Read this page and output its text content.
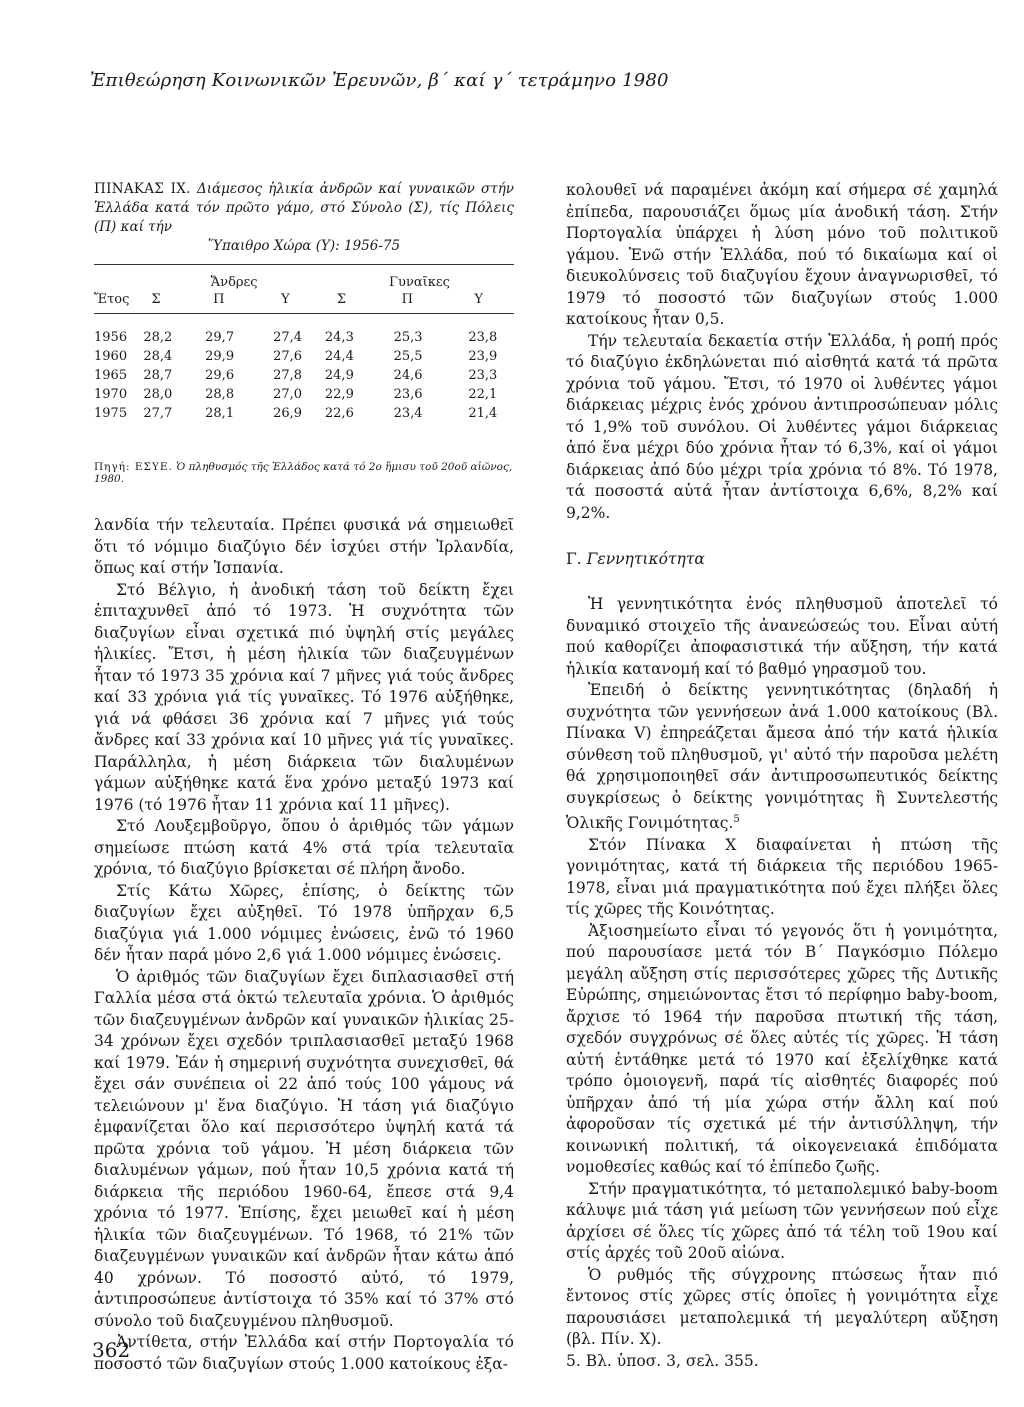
Ἐπιθεώρηση Κοινωνικῶν Ἐρευνῶν, β΄ καί γ΄ τετράμηνο 1980
ΠΙΝΑΚΑΣ ΙΧ. Διάμεσος ἡλικία ἀνδρῶν καί γυναικῶν στήν Ἑλλάδα κατά τόν πρῶτο γάμο, στό Σύνολο (Σ), τίς Πόλεις (Π) καί τήν
Ὕπαιθρο Χώρα (Υ): 1956-75
	Ἄνδρες			Γυναῖκες		
Ἔτος	Σ	Π	Υ	Σ	Π	Υ
1956	28,2	29,7	27,4	24,3	25,3	23,8
1960	28,4	29,9	27,6	24,4	25,5	23,9
1965	28,7	29,6	27,8	24,9	24,6	23,3
1970	28,0	28,8	27,0	22,9	23,6	22,1
1975	27,7	28,1	26,9	22,6	23,4	21,4
Πηγή: ΕΣΥΕ. Ὁ πληθυσμός τῆς Ἑλλάδος κατά τό 2ο ἥμισυ τοῦ 20οῦ αἰῶνος, 1980.

λανδία τήν τελευταία. Πρέπει φυσικά νά σημειωθεῖ ὅτι τό νόμιμο διαζύγιο δέν ἰσχύει στήν Ἰρλανδία, ὅπως καί στήν Ἱσπανία.

Στό Βέλγιο, ἡ ἀνοδική τάση τοῦ δείκτη ἔχει ἐπιταχυνθεῖ ἀπό τό 1973. Ἡ συχνότητα τῶν διαζυγίων εἶναι σχετικά πιό ὑψηλή στίς μεγάλες ἡλικίες. Ἔτσι, ἡ μέση ἡλικία τῶν διαζευγμένων ἦταν τό 1973 35 χρόνια καί 7 μῆνες γιά τούς ἄνδρες καί 33 χρόνια γιά τίς γυναῖκες. Τό 1976 αὐξήθηκε, γιά νά φθάσει 36 χρόνια καί 7 μῆνες γιά τούς ἄνδρες καί 33 χρόνια καί 10 μῆνες γιά τίς γυναῖκες. Παράλληλα, ἡ μέση διάρκεια τῶν διαλυμένων γάμων αὐξήθηκε κατά ἕνα χρόνο μεταξύ 1973 καί 1976 (τό 1976 ἦταν 11 χρόνια καί 11 μῆνες).

Στό Λουξεμβοῦργο, ὅπου ὁ ἀριθμός τῶν γάμων σημείωσε πτώση κατά 4% στά τρία τελευταῖα χρόνια, τό διαζύγιο βρίσκεται σέ πλήρη ἄνοδο.

Στίς Κάτω Χῶρες, ἐπίσης, ὁ δείκτης τῶν διαζυγίων ἔχει αὐξηθεῖ. Τό 1978 ὑπῆρχαν 6,5 διαζύγια γιά 1.000 νόμιμες ἑνώσεις, ἐνῶ τό 1960 δέν ἦταν παρά μόνο 2,6 γιά 1.000 νόμιμες ἑνώσεις.

Ὁ ἀριθμός τῶν διαζυγίων ἔχει διπλασιασθεῖ στή Γαλλία μέσα στά ὀκτώ τελευταῖα χρόνια. Ὁ ἀριθμός τῶν διαζευγμένων ἀνδρῶν καί γυναικῶν ἡλικίας 25-34 χρόνων ἔχει σχεδόν τριπλασιασθεῖ μεταξύ 1968 καί 1979. Ἐάν ἡ σημερινή συχνότητα συνεχισθεῖ, θά ἔχει σάν συνέπεια οἱ 22 ἀπό τούς 100 γάμους νά τελειώνουν μ' ἕνα διαζύγιο. Ἡ τάση γιά διαζύγιο ἐμφανίζεται ὅλο καί περισσότερο ὑψηλή κατά τά πρῶτα χρόνια τοῦ γάμου. Ἡ μέση διάρκεια τῶν διαλυμένων γάμων, πού ἦταν 10,5 χρόνια κατά τή διάρκεια τῆς περιόδου 1960-64, ἔπεσε στά 9,4 χρόνια τό 1977. Ἐπίσης, ἔχει μειωθεῖ καί ἡ μέση ἡλικία τῶν διαζευγμένων. Τό 1968, τό 21% τῶν διαζευγμένων γυναικῶν καί ἀνδρῶν ἦταν κάτω ἀπό 40 χρόνων. Τό ποσοστό αὐτό, τό 1979, ἀντιπροσώπευε ἀντίστοιχα τό 35% καί τό 37% στό σύνολο τοῦ διαζευγμένου πληθυσμοῦ.

Ἀντίθετα, στήν Ἑλλάδα καί στήν Πορτογαλία τό ποσοστό τῶν διαζυγίων στούς 1.000 κατοίκους ἐξα-

κολουθεῖ νά παραμένει ἀκόμη καί σήμερα σέ χαμηλά ἐπίπεδα, παρουσιάζει ὅμως μία ἀνοδική τάση. Στήν Πορτογαλία ὑπάρχει ἡ λύση μόνο τοῦ πολιτικοῦ γάμου. Ἐνῶ στήν Ἑλλάδα, πού τό δικαίωμα καί οἱ διευκολύνσεις τοῦ διαζυγίου ἔχουν ἀναγνωρισθεῖ, τό 1979 τό ποσοστό τῶν διαζυγίων στούς 1.000 κατοίκους ἦταν 0,5.

Τήν τελευταία δεκαετία στήν Ἑλλάδα, ἡ ροπή πρός τό διαζύγιο ἐκδηλώνεται πιό αἰσθητά κατά τά πρῶτα χρόνια τοῦ γάμου. Ἔτσι, τό 1970 οἱ λυθέντες γάμοι διάρκειας μέχρις ἑνός χρόνου ἀντιπροσώπευαν μόλις τό 1,9% τοῦ συνόλου. Οἱ λυθέντες γάμοι διάρκειας ἀπό ἕνα μέχρι δύο χρόνια ἦταν τό 6,3%, καί οἱ γάμοι διάρκειας ἀπό δύο μέχρι τρία χρόνια τό 8%. Τό 1978, τά ποσοστά αὐτά ἦταν ἀντίστοιχα 6,6%, 8,2% καί 9,2%.

Γ. Γεννητικότητα

Ἡ γεννητικότητα ἑνός πληθυσμοῦ ἀποτελεῖ τό δυναμικό στοιχεῖο τῆς ἀνανεώσεώς του. Εἶναι αὐτή πού καθορίζει ἀποφασιστικά τήν αὔξηση, τήν κατά ἡλικία κατανομή καί τό βαθμό γηρασμοῦ του.

Ἐπειδή ὁ δείκτης γεννητικότητας (δηλαδή ἡ συχνότητα τῶν γεννήσεων ἀνά 1.000 κατοίκους (Βλ. Πίνακα V) ἐπηρεάζεται ἄμεσα ἀπό τήν κατά ἡλικία σύνθεση τοῦ πληθυσμοῦ, γι' αὐτό τήν παροῦσα μελέτη θά χρησιμοποιηθεῖ σάν ἀντιπροσωπευτικός δείκτης συγκρίσεως ὁ δείκτης γονιμότητας ἢ Συντελεστής Ὁλικῆς Γονιμότητας.$^5$

Στόν Πίνακα Χ διαφαίνεται ἡ πτώση τῆς γονιμότητας, κατά τή διάρκεια τῆς περιόδου 1965-1978, εἶναι μιά πραγματικότητα πού ἔχει πλήξει ὅλες τίς χῶρες τῆς Κοινότητας.

Ἀξιοσημείωτο εἶναι τό γεγονός ὅτι ἡ γονιμότητα, πού παρουσίασε μετά τόν Β΄ Παγκόσμιο Πόλεμο μεγάλη αὔξηση στίς περισσότερες χῶρες τῆς Δυτικῆς Εὐρώπης, σημειώνοντας ἔτσι τό περίφημο baby-boom, ἄρχισε τό 1964 τήν παροῦσα πτωτική τῆς τάση, σχεδόν συγχρόνως σέ ὅλες αὐτές τίς χῶρες. Ἡ τάση αὐτή ἐντάθηκε μετά τό 1970 καί ἐξελίχθηκε κατά τρόπο ὁμοιογενῆ, παρά τίς αἰσθητές διαφορές πού ὑπῆρχαν ἀπό τή μία χώρα στήν ἄλλη καί πού ἀφοροῦσαν τίς σχετικά μέ τήν ἀντισύλληψη, τήν κοινωνική πολιτική, τά οἰκογενειακά ἐπιδόματα νομοθεσίες καθώς καί τό ἐπίπεδο ζωῆς.

Στήν πραγματικότητα, τό μεταπολεμικό baby-boom κάλυψε μιά τάση γιά μείωση τῶν γεννήσεων πού εἶχε ἀρχίσει σέ ὅλες τίς χῶρες ἀπό τά τέλη τοῦ 19ου καί στίς ἀρχές τοῦ 20οῦ αἰώνα.

Ὁ ρυθμός τῆς σύγχρονης πτώσεως ἦταν πιό ἔντονος στίς χῶρες στίς ὁποῖες ἡ γονιμότητα εἶχε παρουσιάσει μεταπολεμικά τή μεγαλύτερη αὔξηση (βλ. Πίν. Χ).

5. Βλ. ὑποσ. 3, σελ. 355.

362
